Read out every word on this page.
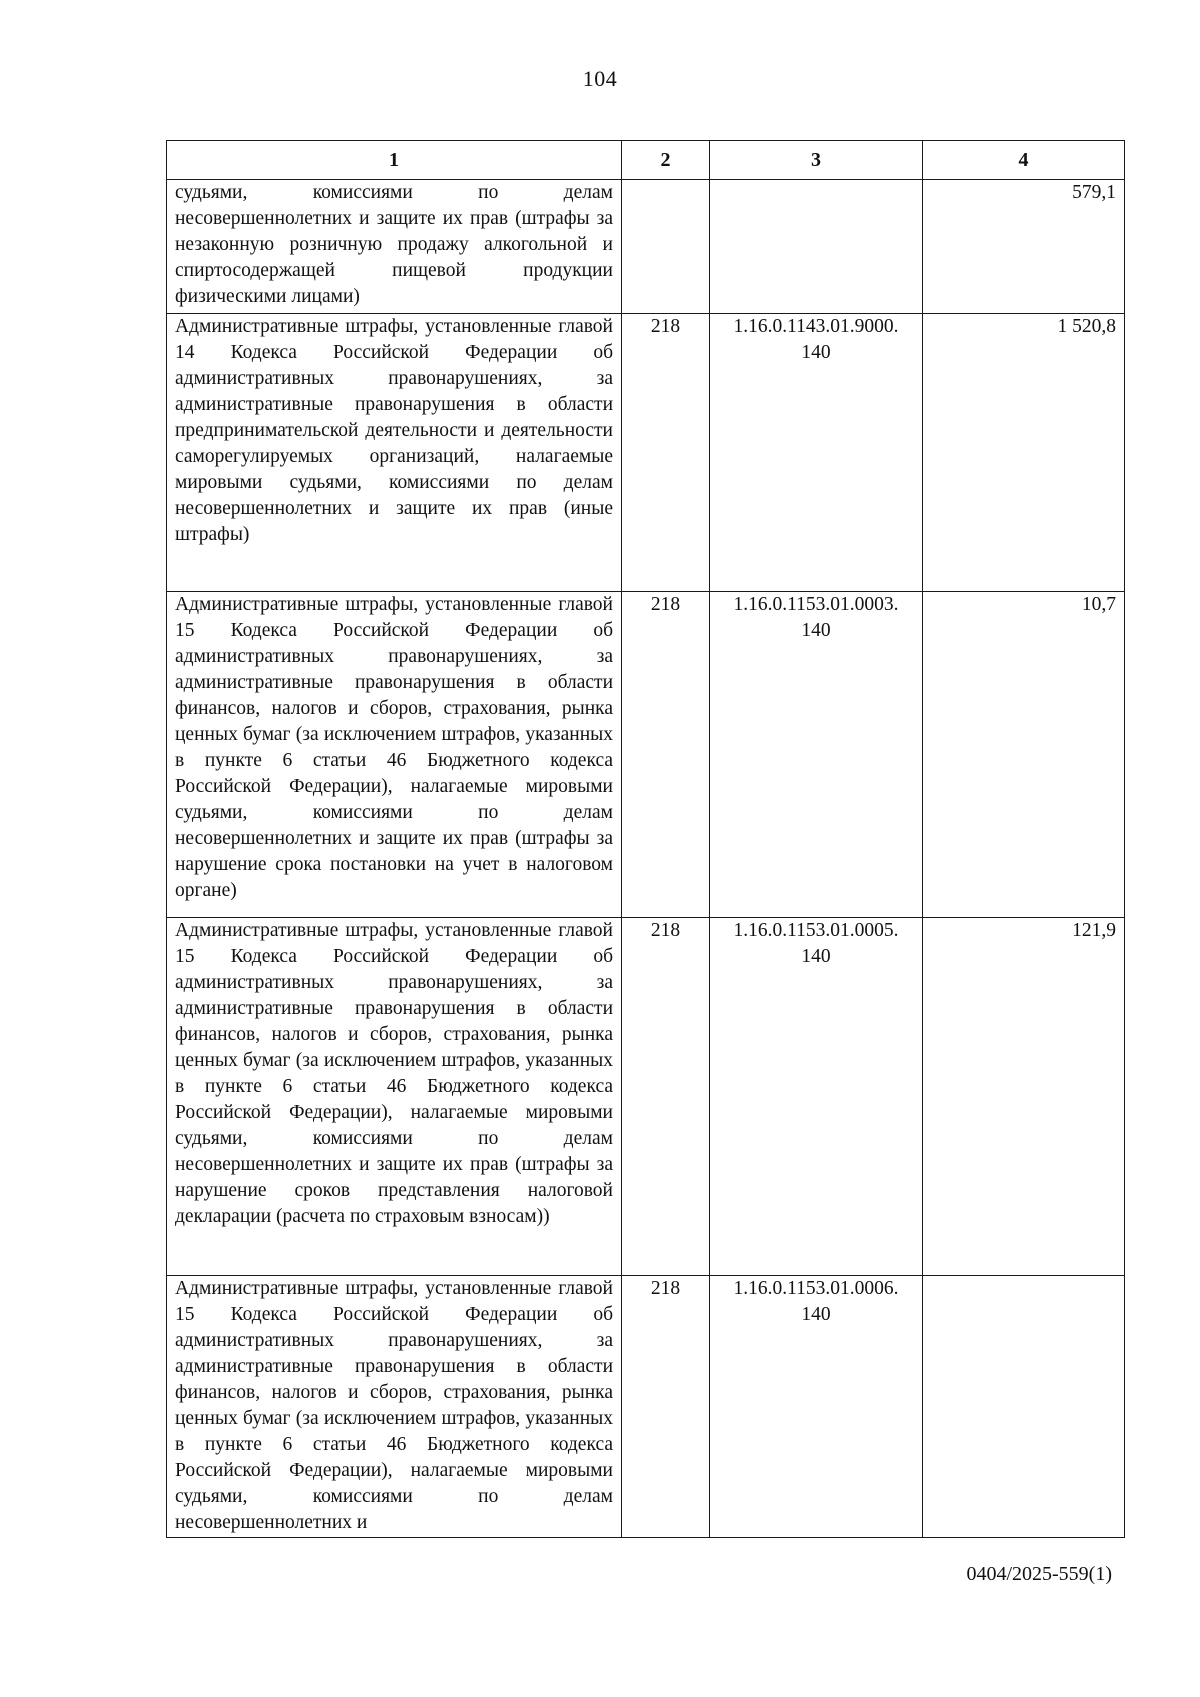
104
1	2	3	4
судьями, комиссиями по делам несовершеннолетних и защите их прав (штрафы за незаконную розничную продажу алкогольной и спиртосодержащей пищевой продукции физическими лицами)			579,1
Административные штрафы, установленные главой 14 Кодекса Российской Федерации об административных правонарушениях, за административные правонарушения в области предпринимательской деятельности и деятельности саморегулируемых организаций, налагаемые мировыми судьями, комиссиями по делам несовершеннолетних и защите их прав (иные штрафы)	218	1.16.0.1143.01.9000. 140	1 520,8
Административные штрафы, установленные главой 15 Кодекса Российской Федерации об административных правонарушениях, за административные правонарушения в области финансов, налогов и сборов, страхования, рынка ценных бумаг (за исключением штрафов, указанных в пункте 6 статьи 46 Бюджетного кодекса Российской Федерации), налагаемые мировыми судьями, комиссиями по делам несовершеннолетних и защите их прав (штрафы за нарушение срока постановки на учет в налоговом органе)	218	1.16.0.1153.01.0003. 140	10,7
Административные штрафы, установленные главой 15 Кодекса Российской Федерации об административных правонарушениях, за административные правонарушения в области финансов, налогов и сборов, страхования, рынка ценных бумаг (за исключением штрафов, указанных в пункте 6 статьи 46 Бюджетного кодекса Российской Федерации), налагаемые мировыми судьями, комиссиями по делам несовершеннолетних и защите их прав (штрафы за нарушение сроков представления налоговой декларации (расчета по страховым взносам))	218	1.16.0.1153.01.0005. 140	121,9
Административные штрафы, установленные главой 15 Кодекса Российской Федерации об административных правонарушениях, за административные правонарушения в области финансов, налогов и сборов, страхования, рынка ценных бумаг (за исключением штрафов, указанных в пункте 6 статьи 46 Бюджетного кодекса Российской Федерации), налагаемые мировыми судьями, комиссиями по делам несовершеннолетних и	218	1.16.0.1153.01.0006. 140	
0404/2025-559(1)
